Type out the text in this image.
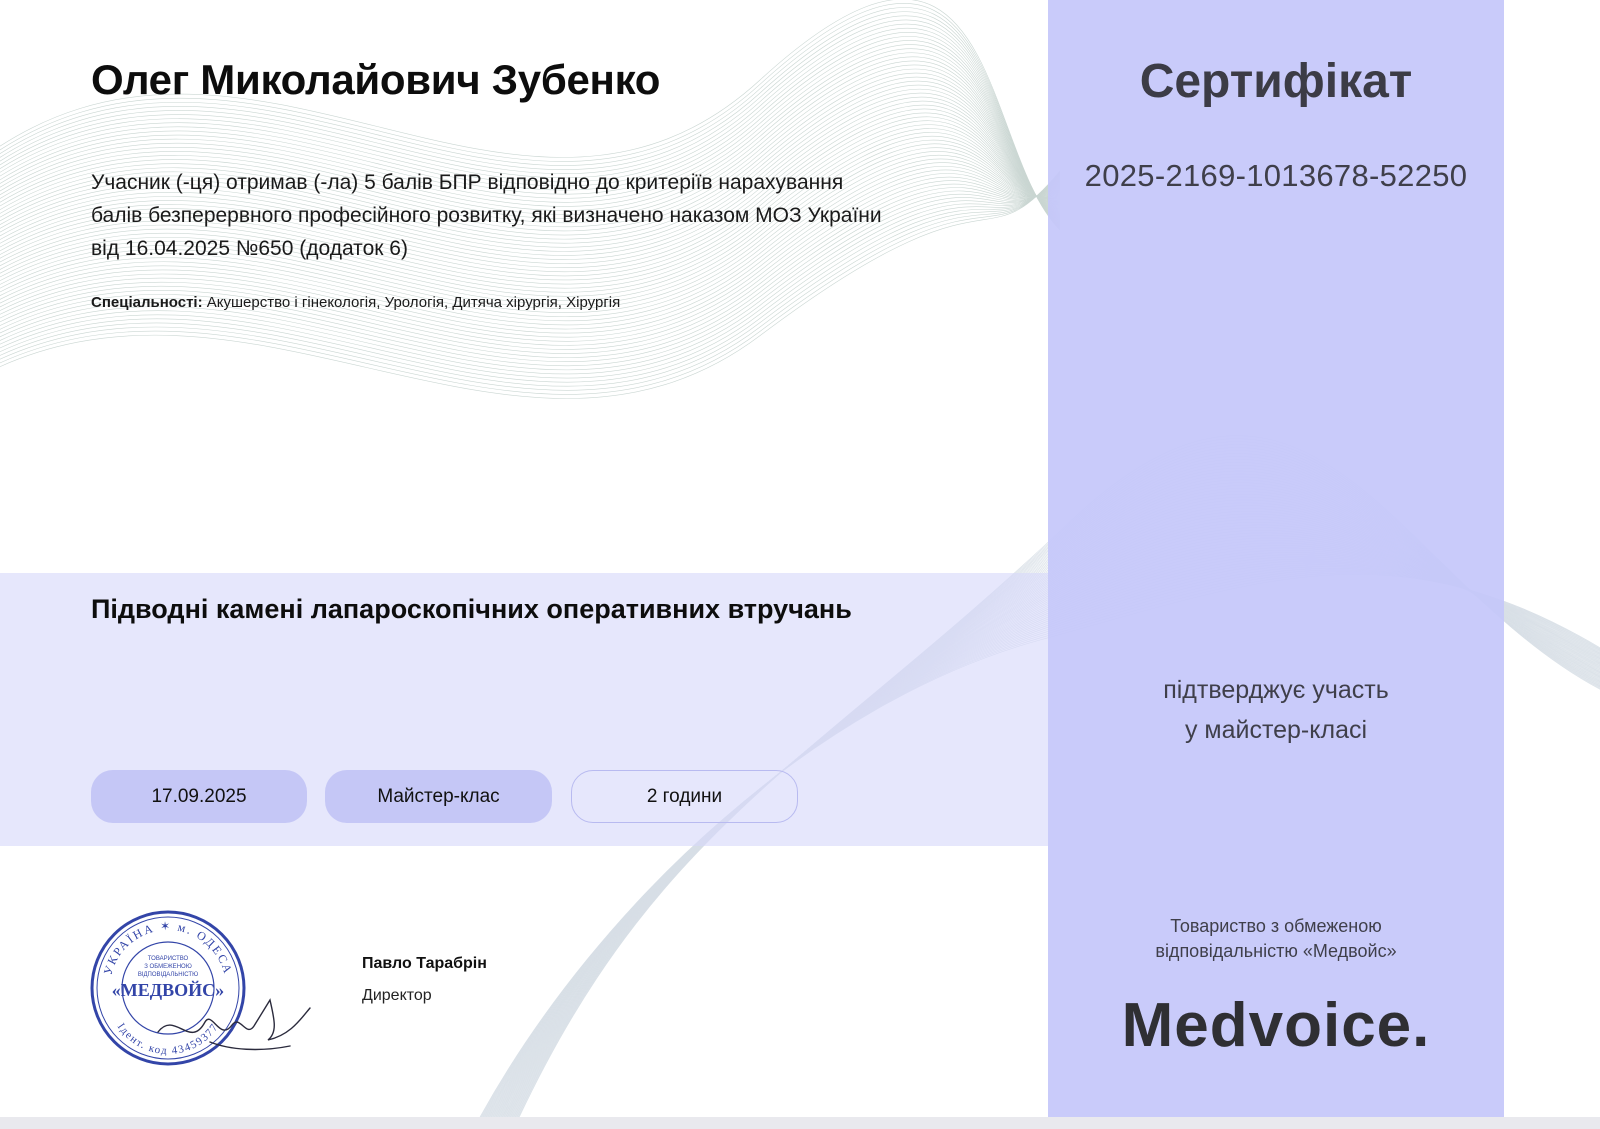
Олег Миколайович Зубенко
Учасник (-ця) отримав (-ла) 5 балів БПР відповідно до критеріїв нарахування
балів безперервного професійного розвитку, які визначено наказом МОЗ України
від 16.04.2025 №650 (додаток 6)

Спеціальності: Акушерство і гінекологія, Урологія, Дитяча хірургія, Хірургія

Підводні камені лапароскопічних оперативних втручань
17.09.2025	Майстер-клас	2 години
УКРАЇНА ✶ м. ОДЕСА
Ідент. код 43459377
ТОВАРИСТВО
З ОБМЕЖЕНОЮ
ВІДПОВІДАЛЬНІСТЮ
«МЕДВОЙС»
Павло Тарабрін
Директор
Сертифікат
2025-2169-1013678-52250
підтверджує участь
у майстер-класі
Товариство з обмеженою
відповідальністю «Медвойс»
Medvoice.
